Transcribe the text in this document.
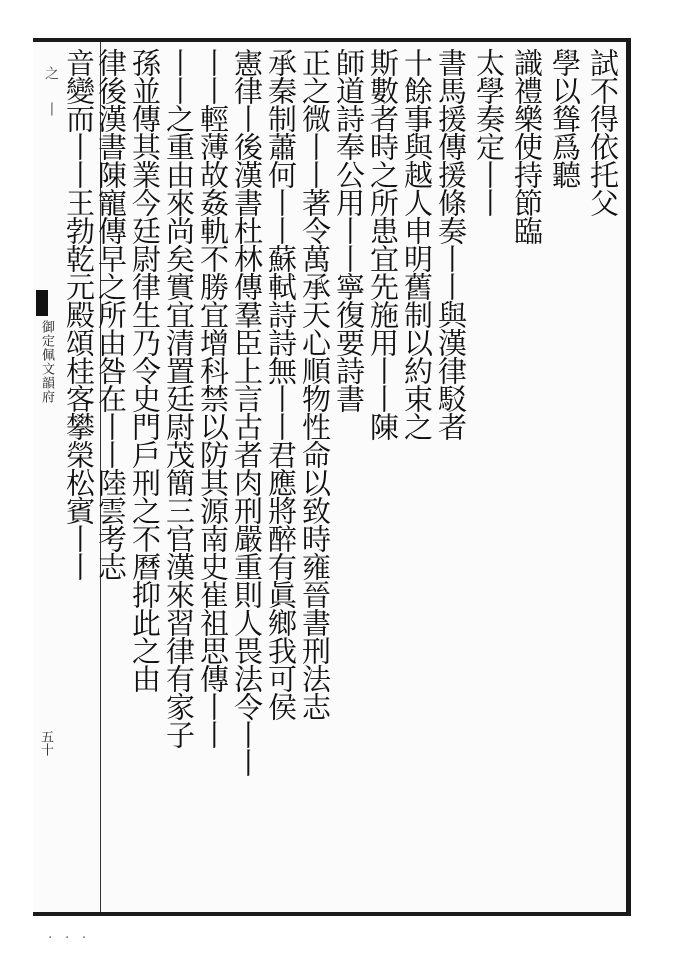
之
丨
御定佩文韻府
五十
試不得依托父
學以聳爲聽
識禮樂使持節臨
太學奏定丨丨
書馬援傳援條奏丨丨與漢律駁者
十餘事與越人申明舊制以約束之
斯數者時之所患宜先施用丨丨陳
師道詩奉公用丨丨寧復要詩書
正之微丨丨著令萬承天心順物性命以致時雍晉書刑法志
承秦制蕭何丨丨蘇軾詩詩無丨丨君應將醉有眞鄉我可侯
憲律丨後漢書杜林傳羣臣上言古者肉刑嚴重則人畏法令丨丨
丨丨輕薄故姦軌不勝宜增科禁以防其源南史崔祖思傳丨丨
丨丨之重由來尚矣實宜清置廷尉茂簡三官漢來習律有家子
孫並傳其業今廷尉律生乃令史門戶刑之不曆抑此之由
律後漢書陳寵傳早之所由咎在丨丨陸雲考志
音變而丨丨王勃乾元殿頌桂客攀榮松賓丨丨
· · ·
